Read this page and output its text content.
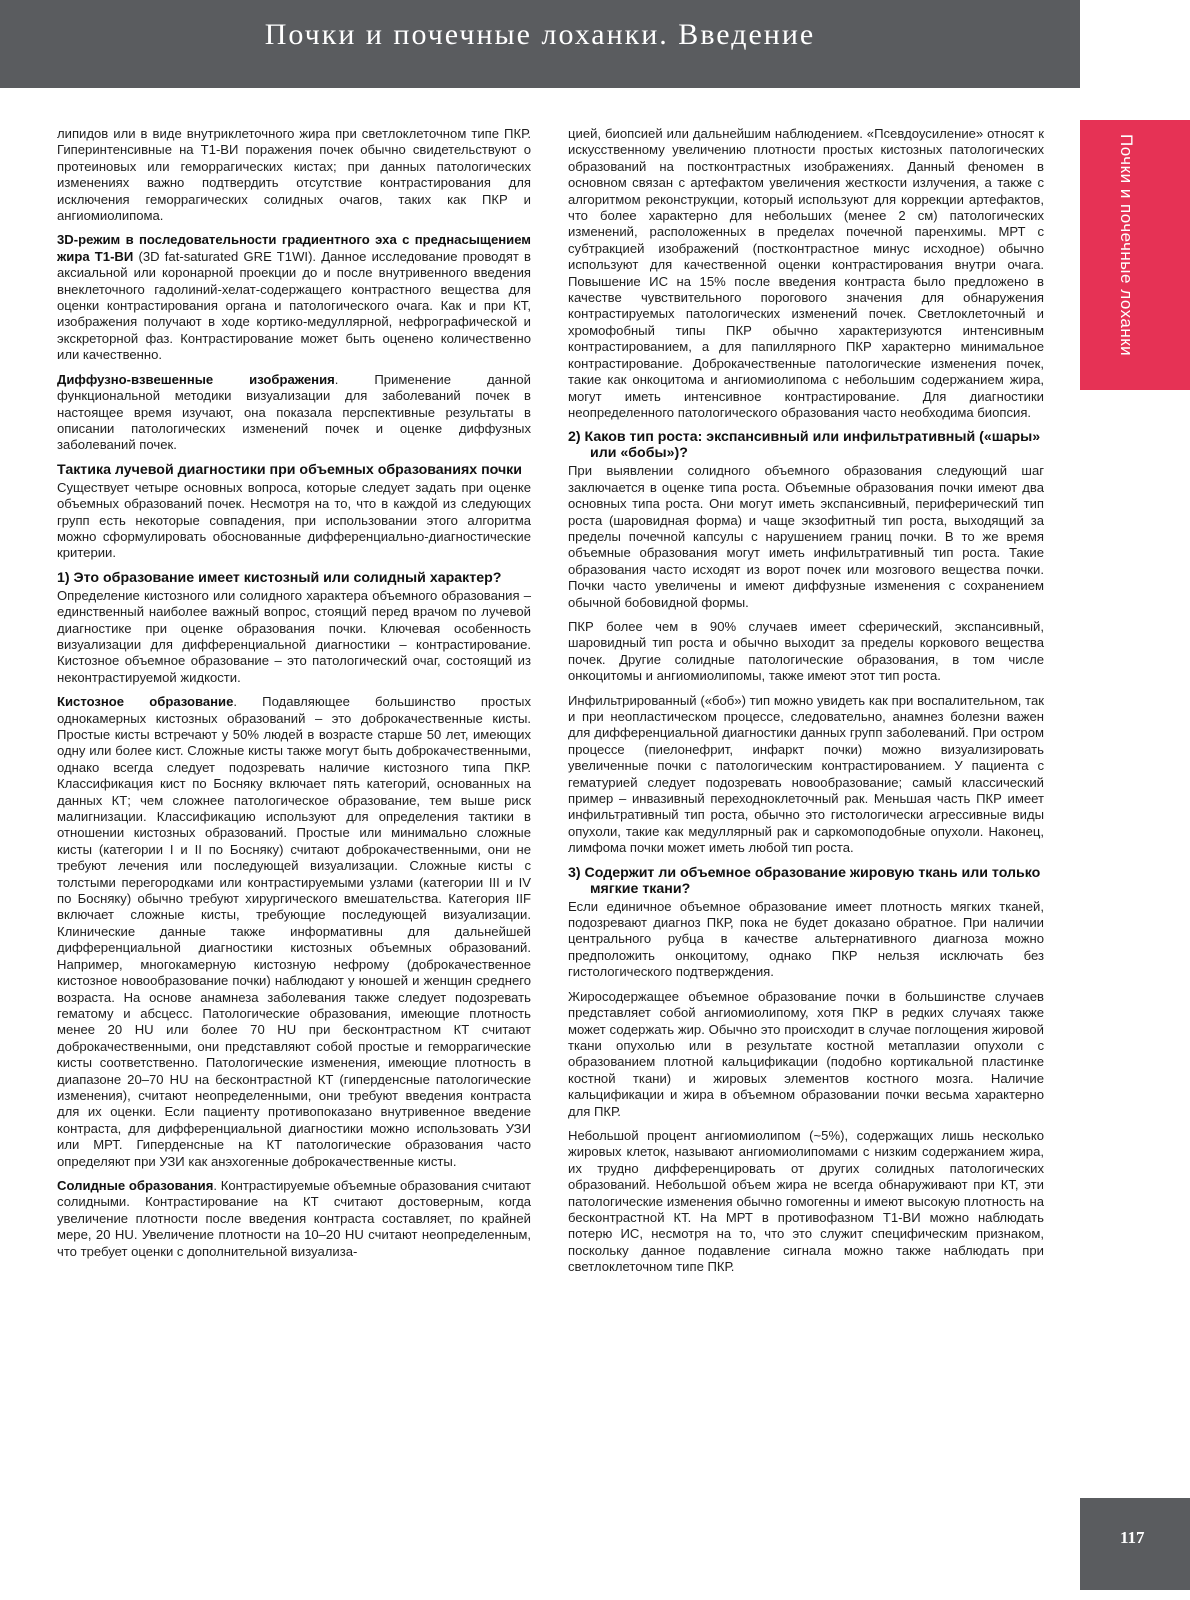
Почки и почечные лоханки. Введение
Почки и почечные лоханки

липидов или в виде внутриклеточного жира при светлоклеточном типе ПКР. Гиперинтенсивные на Т1-ВИ поражения почек обычно свидетельствуют о протеиновых или геморрагических кистах; при данных патологических изменениях важно подтвердить отсутствие контрастирования для исключения геморрагических солидных очагов, таких как ПКР и ангиомиолипома.

3D-режим в последовательности градиентного эха с преднасыщением жира Т1-ВИ (3D fat-saturated GRE T1WI). Данное исследование проводят в аксиальной или коронарной проекции до и после внутривенного введения внеклеточного гадолиний-хелат-содержащего контрастного вещества для оценки контрастирования органа и патологического очага. Как и при КТ, изображения получают в ходе кортико-медуллярной, нефрографической и экскреторной фаз. Контрастирование может быть оценено количественно или качественно.

Диффузно-взвешенные изображения. Применение данной функциональной методики визуализации для заболеваний почек в настоящее время изучают, она показала перспективные результаты в описании патологических изменений почек и оценке диффузных заболеваний почек.

Тактика лучевой диагностики при объемных образованиях почки

Существует четыре основных вопроса, которые следует задать при оценке объемных образований почек. Несмотря на то, что в каждой из следующих групп есть некоторые совпадения, при использовании этого алгоритма можно сформулировать обоснованные дифференциально-диагностические критерии.

1) Это образование имеет кистозный или солидный характер?

Определение кистозного или солидного характера объемного образования – единственный наиболее важный вопрос, стоящий перед врачом по лучевой диагностике при оценке образования почки. Ключевая особенность визуализации для дифференциальной диагностики – контрастирование. Кистозное объемное образование – это патологический очаг, состоящий из неконтрастируемой жидкости.

Кистозное образование. Подавляющее большинство простых однокамерных кистозных образований – это доброкачественные кисты. Простые кисты встречают у 50% людей в возрасте старше 50 лет, имеющих одну или более кист. Сложные кисты также могут быть доброкачественными, однако всегда следует подозревать наличие кистозного типа ПКР. Классификация кист по Босняку включает пять категорий, основанных на данных КТ; чем сложнее патологическое образование, тем выше риск малигнизации. Классификацию используют для определения тактики в отношении кистозных образований. Простые или минимально сложные кисты (категории I и II по Босняку) считают доброкачественными, они не требуют лечения или последующей визуализации. Сложные кисты с толстыми перегородками или контрастируемыми узлами (категории III и IV по Босняку) обычно требуют хирургического вмешательства. Категория IIF включает сложные кисты, требующие последующей визуализации. Клинические данные также информативны для дальнейшей дифференциальной диагностики кистозных объемных образований. Например, многокамерную кистозную нефрому (доброкачественное кистозное новообразование почки) наблюдают у юношей и женщин среднего возраста. На основе анамнеза заболевания также следует подозревать гематому и абсцесс. Патологические образования, имеющие плотность менее 20 HU или более 70 HU при бесконтрастном КТ считают доброкачественными, они представляют собой простые и геморрагические кисты соответственно. Патологические изменения, имеющие плотность в диапазоне 20–70 HU на бесконтрастной КТ (гиперденсные патологические изменения), считают неопределенными, они требуют введения контраста для их оценки. Если пациенту противопоказано внутривенное введение контраста, для дифференциальной диагностики можно использовать УЗИ или МРТ. Гиперденсные на КТ патологические образования часто определяют при УЗИ как анэхогенные доброкачественные кисты.

Солидные образования. Контрастируемые объемные образования считают солидными. Контрастирование на КТ считают достоверным, когда увеличение плотности после введения контраста составляет, по крайней мере, 20 HU. Увеличение плотности на 10–20 HU считают неопределенным, что требует оценки с дополнительной визуализа-

цией, биопсией или дальнейшим наблюдением. «Псевдоусиление» относят к искусственному увеличению плотности простых кистозных патологических образований на постконтрастных изображениях. Данный феномен в основном связан с артефактом увеличения жесткости излучения, а также с алгоритмом реконструкции, который используют для коррекции артефактов, что более характерно для небольших (менее 2 см) патологических изменений, расположенных в пределах почечной паренхимы. МРТ с субтракцией изображений (постконтрастное минус исходное) обычно используют для качественной оценки контрастирования внутри очага. Повышение ИС на 15% после введения контраста было предложено в качестве чувствительного порогового значения для обнаружения контрастируемых патологических изменений почек. Светлоклеточный и хромофобный типы ПКР обычно характеризуются интенсивным контрастированием, а для папиллярного ПКР характерно минимальное контрастирование. Доброкачественные патологические изменения почек, такие как онкоцитома и ангиомиолипома с небольшим содержанием жира, могут иметь интенсивное контрастирование. Для диагностики неопределенного патологического образования часто необходима биопсия.

2) Каков тип роста: экспансивный или инфильтративный («шары» или «бобы»)?

При выявлении солидного объемного образования следующий шаг заключается в оценке типа роста. Объемные образования почки имеют два основных типа роста. Они могут иметь экспансивный, периферический тип роста (шаровидная форма) и чаще экзофитный тип роста, выходящий за пределы почечной капсулы с нарушением границ почки. В то же время объемные образования могут иметь инфильтративный тип роста. Такие образования часто исходят из ворот почек или мозгового вещества почки. Почки часто увеличены и имеют диффузные изменения с сохранением обычной бобовидной формы.

ПКР более чем в 90% случаев имеет сферический, экспансивный, шаровидный тип роста и обычно выходит за пределы коркового вещества почек. Другие солидные патологические образования, в том числе онкоцитомы и ангиомиолипомы, также имеют этот тип роста.

Инфильтрированный («боб») тип можно увидеть как при воспалительном, так и при неопластическом процессе, следовательно, анамнез болезни важен для дифференциальной диагностики данных групп заболеваний. При остром процессе (пиелонефрит, инфаркт почки) можно визуализировать увеличенные почки с патологическим контрастированием. У пациента с гематурией следует подозревать новообразование; самый классический пример – инвазивный переходноклеточный рак. Меньшая часть ПКР имеет инфильтративный тип роста, обычно это гистологически агрессивные виды опухоли, такие как медуллярный рак и саркомоподобные опухоли. Наконец, лимфома почки может иметь любой тип роста.

3) Содержит ли объемное образование жировую ткань или только мягкие ткани?

Если единичное объемное образование имеет плотность мягких тканей, подозревают диагноз ПКР, пока не будет доказано обратное. При наличии центрального рубца в качестве альтернативного диагноза можно предположить онкоцитому, однако ПКР нельзя исключать без гистологического подтверждения.

Жиросодержащее объемное образование почки в большинстве случаев представляет собой ангиомиолипому, хотя ПКР в редких случаях также может содержать жир. Обычно это происходит в случае поглощения жировой ткани опухолью или в результате костной метаплазии опухоли с образованием плотной кальцификации (подобно кортикальной пластинке костной ткани) и жировых элементов костного мозга. Наличие кальцификации и жира в объемном образовании почки весьма характерно для ПКР.

Небольшой процент ангиомиолипом (~5%), содержащих лишь несколько жировых клеток, называют ангиомиолипомами с низким содержанием жира, их трудно дифференцировать от других солидных патологических образований. Небольшой объем жира не всегда обнаруживают при КТ, эти патологические изменения обычно гомогенны и имеют высокую плотность на бесконтрастной КТ. На МРТ в противофазном Т1-ВИ можно наблюдать потерю ИС, несмотря на то, что это служит специфическим признаком, поскольку данное подавление сигнала можно также наблюдать при светлоклеточном типе ПКР.

117
